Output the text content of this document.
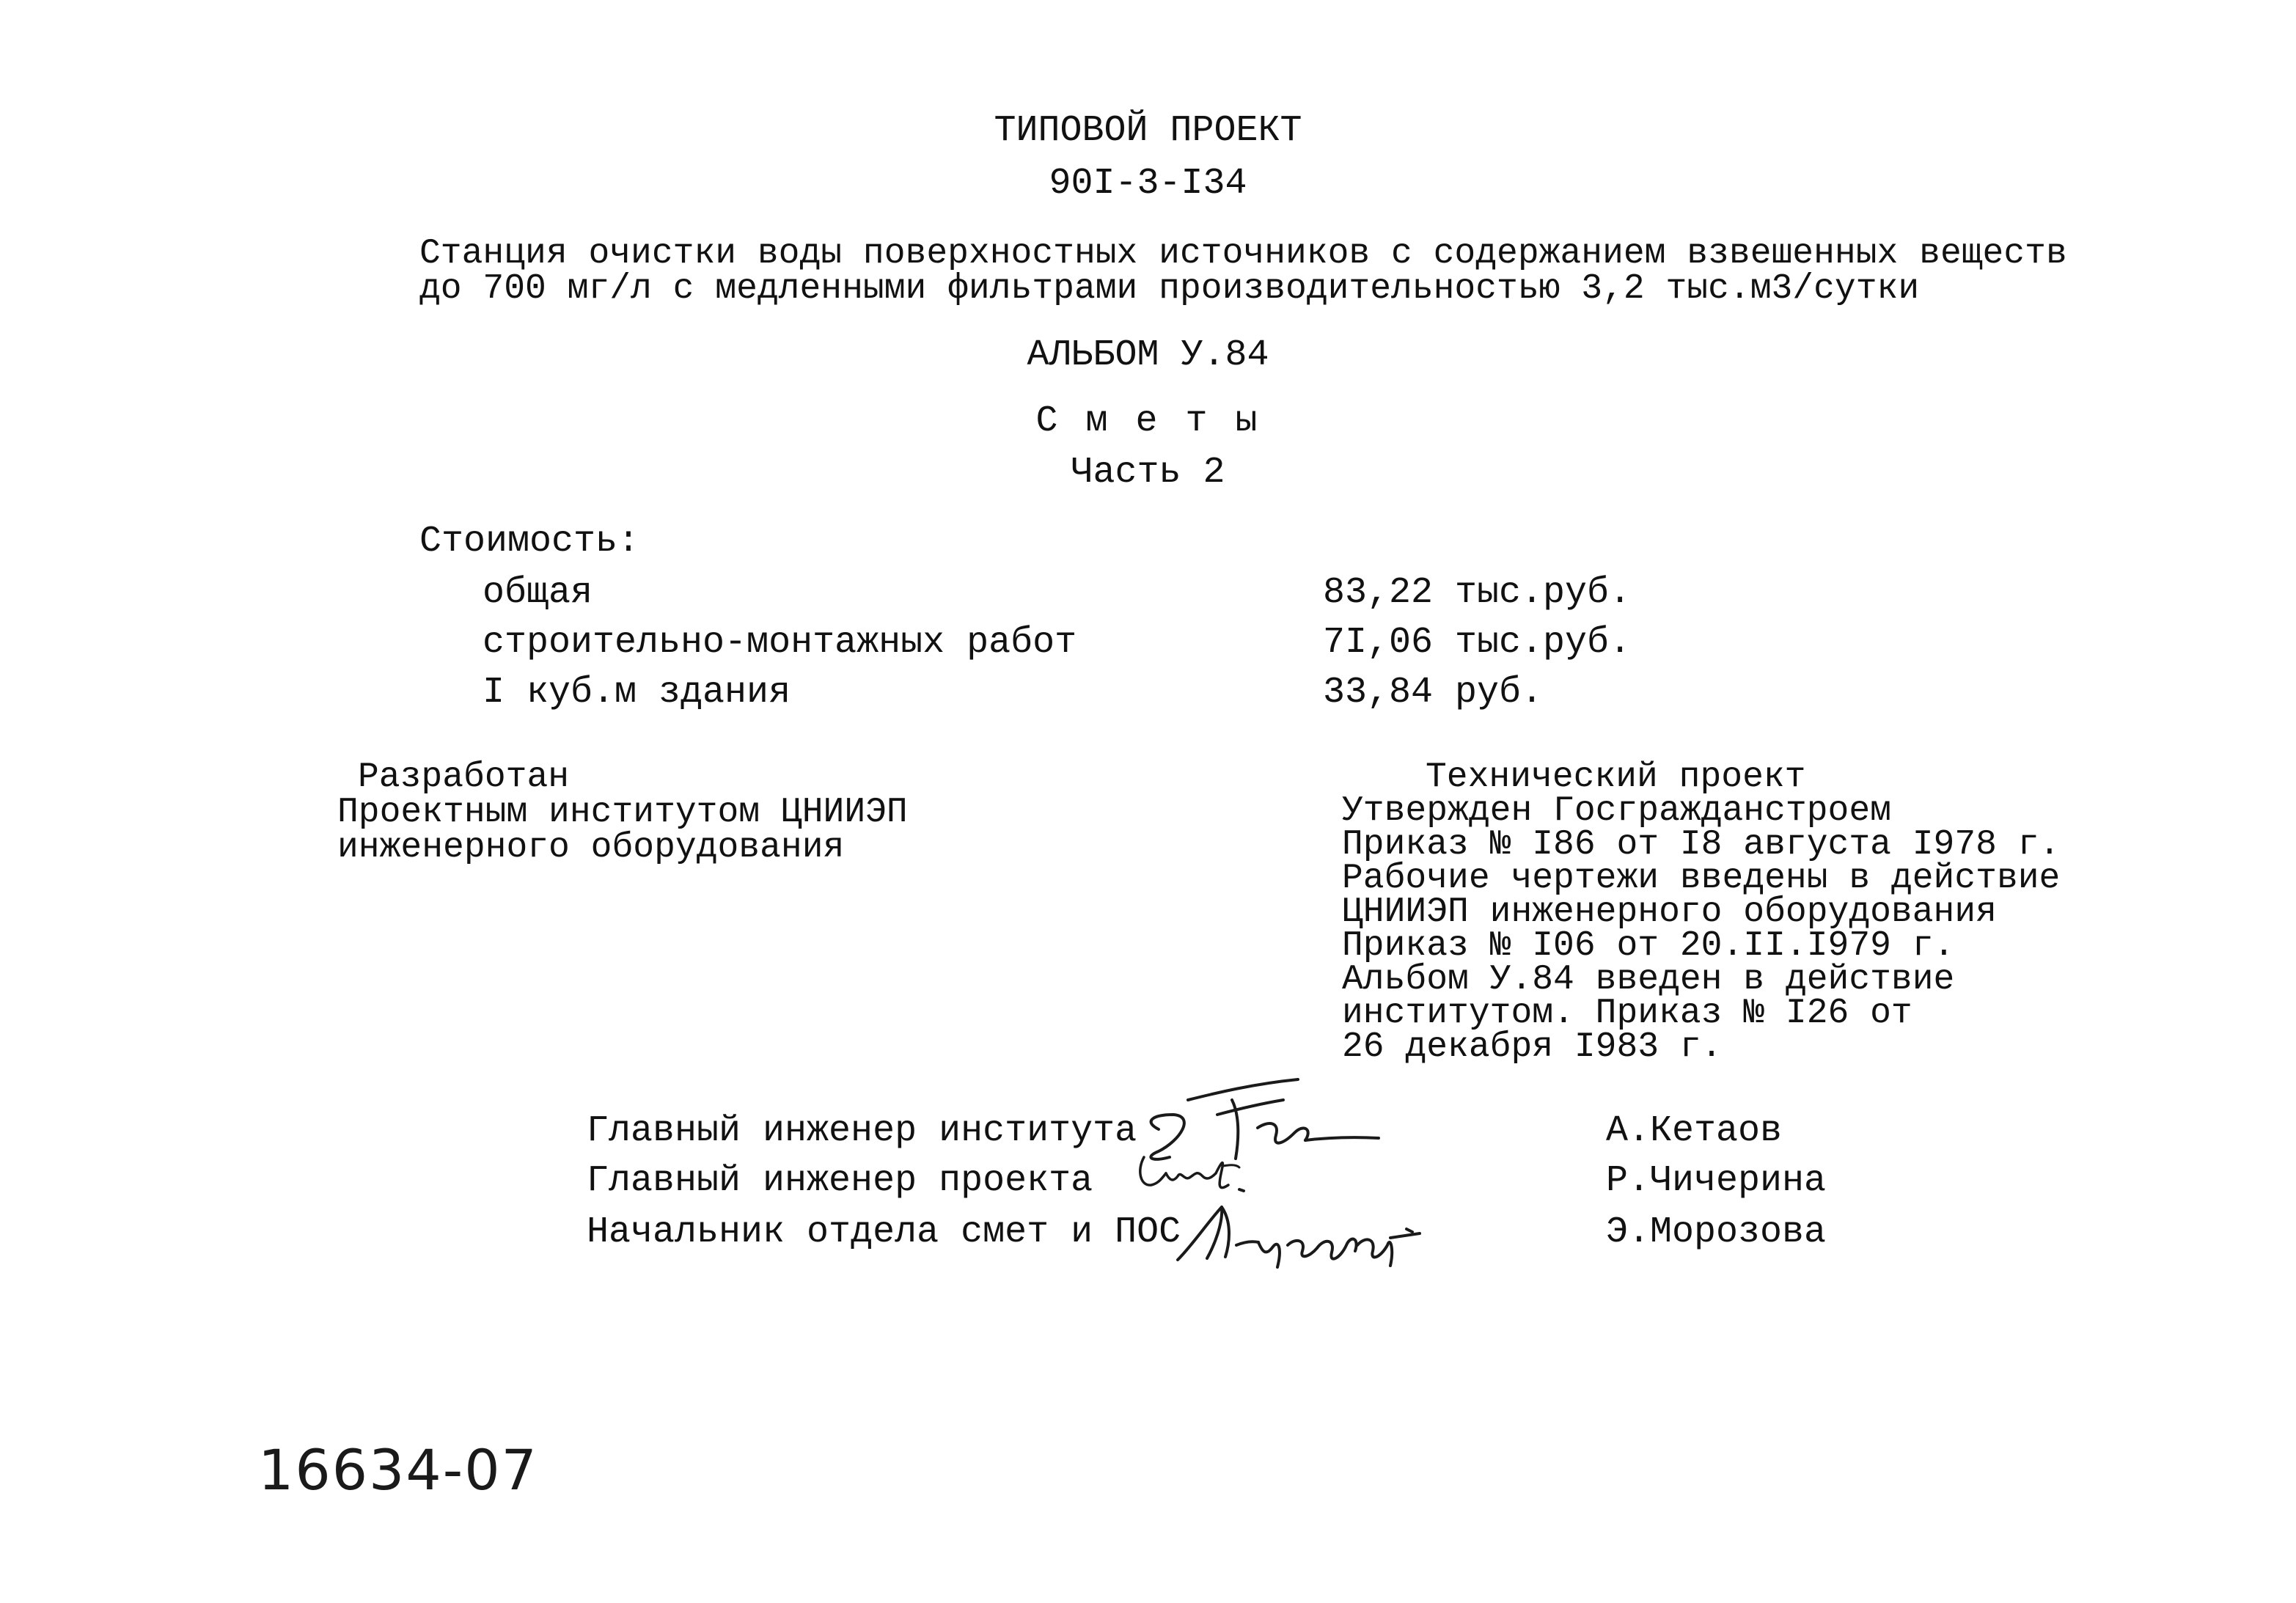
ТИПОВОЙ ПРОЕКТ
90I-3-I34
Станция очистки воды поверхностных источников с содержанием взвешенных веществ
до 700 мг/л с медленными фильтрами производительностью 3,2 тыс.м3/сутки
АЛЬБОМ У.84
С м е т ы
Часть 2
Стоимость:
общая	83,22 тыс.руб.
строительно-монтажных работ	7I,06 тыс.руб.
I куб.м здания	33,84 руб.
Разработан
Проектным институтом ЦНИИЭП
инженерного оборудования
Технический проект
Утвержден Госгражданстроем
Приказ № I86 от I8 августа I978 г.
Рабочие чертежи введены в действие
ЦНИИЭП инженерного оборудования
Приказ № I06 от 20.II.I979 г.
Альбом У.84 введен в действие
институтом. Приказ № I26 от
26 декабря I983 г.
Главный инженер института	А.Кетаов
Главный инженер проекта	Р.Чичерина
Начальник отдела смет и ПОС	Э.Морозова
16634-07
